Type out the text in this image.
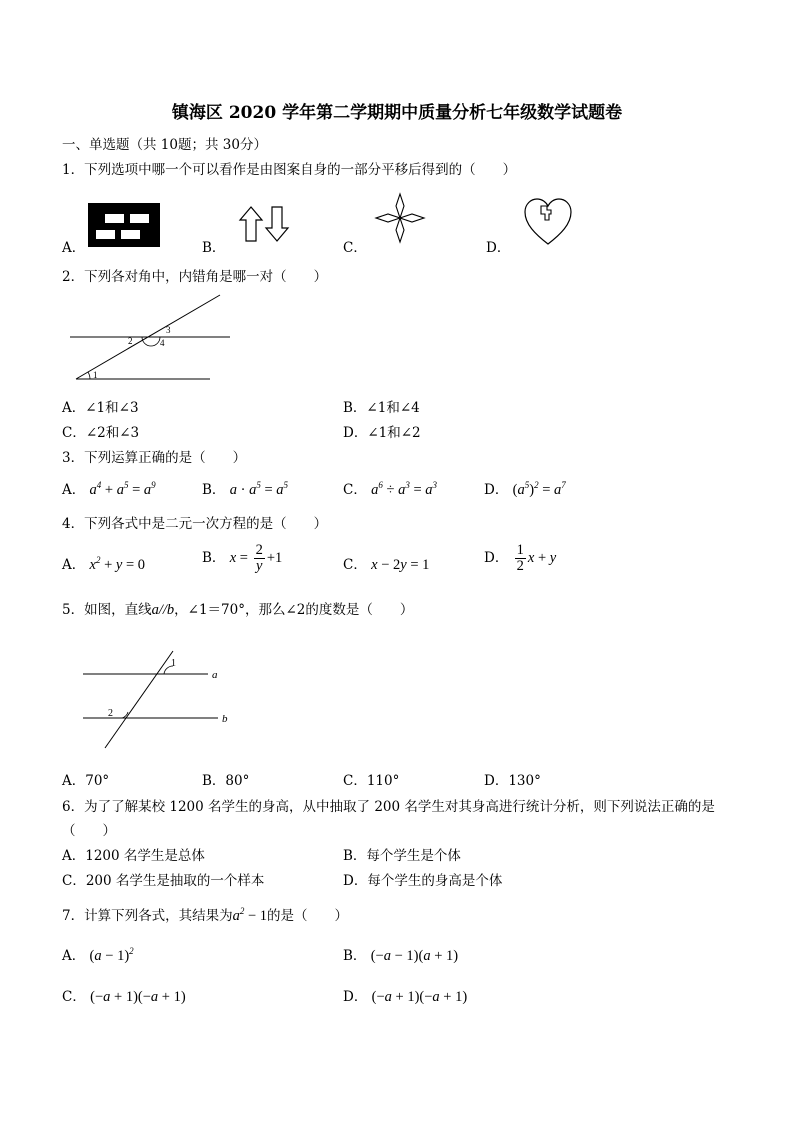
镇海区 2020 学年第二学期期中质量分析七年级数学试题卷
一、单选题（共 10题；共 30分）
1．下列选项中哪一个可以看作是由图案自身的一部分平移后得到的（　　）
A．	B．	C．	D．
2．下列各对角中，内错角是哪一对（　　）
1
2
3
4
A．∠1和∠3	B．∠1和∠4
C．∠2和∠3	D．∠1和∠2
3．下列运算正确的是（　　）
A． $a^4 + a^5 = a^9$	B． $a \cdot a^5 = a^5$	C． $a^6 \div a^3 = a^3$	D． $(a^5)^2 = a^7$
4．下列各式中是二元一次方程的是（　　）
A． $x^2 + y = 0$	B． $x = \frac{2}{y} +1$	C． x − 2y = 1	D． $\frac{1}{2}$ x + y
5．如图，直线a//b，∠1＝70°，那么∠2的度数是（　　）
1
2
a
b
A．70°	B．80°	C．110°	D．130°
6．为了了解某校 1200 名学生的身高，从中抽取了 200 名学生对其身高进行统计分析，则下列说法正确的是
（　　）
A．1200 名学生是总体	B．每个学生是个体
C．200 名学生是抽取的一个样本	D．每个学生的身高是个体
7．计算下列各式，其结果为$a^2 - 1$的是（　　）
A． $(a - 1)^2$	B． (−a − 1)(a + 1)
C． (−a + 1)(−a + 1)	D． (−a + 1)(−a + 1)
